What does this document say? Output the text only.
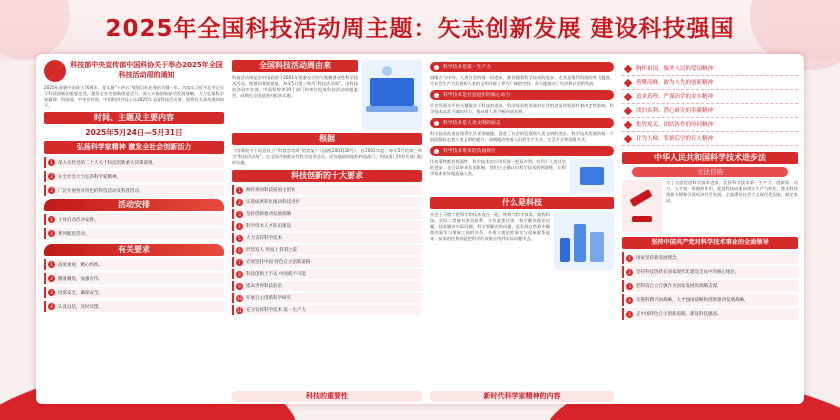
2025年全国科技活动周主题：矢志创新发展 建设科技强国
科技部中央宣传部中国科协关于举办2025年全国科技活动周的通知

2025年是新中国成立76周年，是实施“十四五”规划目标任务的关键一年。为落实习近平总书记关于科技创新的重要论述，激发全社会创新创造活力，深入实施创新驱动发展战略，大力弘扬科学家精神，科技部、中央宣传部、中国科协共同主办2025年全国科技活动周，现将有关事项通知如下。

时间、主题及主要内容
2025年5月24日—5月31日
弘扬科学家精神 激发全社会创新活力
1	深入宣传党的二十大关于科技创新重大决策部署。
2	在全社会大力弘扬科学家精神。
3	广泛开展各具特色的科技活动及科普活动。
活动安排
1	主场启动活动安排。
2	系列配套活动。
有关要求
1	高度重视，精心组织。
2	精准聚焦，加强宣传。
3	同密安全，确保安全。
4	认真总结，及时反馈。
全国科技活动周由来

科技活动周是由中国政府于2001年批准设立的大规模群众性科学技术活动。根据国务院批复，每年5月第三周为“科技活动周”，由科技部会同中宣部、中国科协等19个部门和单位组成科技活动周组委会，同期在全国范围内组织实施。

根据

《国务院关于同意设立“科技活动周”的批复》（国函[2001]30号），自2001年起，每年5月的第三周为“科技活动周”，在全国开展群众性科学技术活动。而各地政府组织科技部门、科技部门和有关部门组织实施。

科技创新的十大要求
1	胸怀祖国科技报国主创业
2	实现成果转化推动科技进步
3	坚持创新驱动发展战略
4	科学技术人才队伍建设
5	大力支持科学技术
6	形势迫人 形而上者谓之道
7	必须坚持中国 特色自主创新道路
8	科技创新上不去 中国就不可能
9	提高世界科技前沿
10 开展自主创新科学研究
11 充分发挥科学技术 第一生产力
科技的重要性
科学技术是第一生产力

放眼古今中外，人类社会的每一项进步，都伴随着科学技术的进步。尤其是现代科技的突飞猛进，为社会生产力发展和人类的文明开辟了更为广阔的空间，有力地推动了经济和社会的发展。

科学技术是社会进步的核心动力

社会发展水平的关键取决于科技的进步，科学技术的发展对社会的进步和发展有着决定性影响。科学技术以其不竭的动力，推动着人类不断向前发展。

科学技术是人类文明的标志

科学技术的进步使得生活更加便捷，促进了社会的发展和人类文明的进步。科学技术发展的每一个阶段都标志着人类文明的提升，深刻地改变着人们的生产方式、生活方式和思维方式。

科学技术带来的负面效应

任何事物都有两面性，科学技术的应用发展一把双刃剑，有利于人类社会的进步，也可以带来负面影响。我们应正确认识科学技术的两面性，让科学技术更好地造福人类。

什么是科技

社会上习惯于把科学和技术连在一起，统称为科学技术，简称科技。实际二者既有密切联系，又有重要区别。科学解决理论问题，技术解决实际问题。科学要解决的问题，是发现自然界中确凿的事实与现象之间的关系，并建立理论把事实与现象联系起来；技术的任务则是把科学的成果应用到实际问题中去。

新时代科学家精神的内容
胸怀祖国、服务人民的爱国精神
勇攀高峰、敢为人先的创新精神
追求真理、严谨治学的求实精神
淡泊名利、潜心研究的奉献精神
集智攻关、团结协作的协同精神
甘为人梯、奖掖后学的育人精神
中华人民共和国科学技术进步法
立法目的

为了全面促进科学技术进步，发挥科学技术第一生产力、创新第一动力、人才第一资源的作用，促进科技成果向现实生产力转化，推动科技创新支撑和引领经济社会发展，全面建设社会主义现代化国家，制定本法。

坚持中国共产党对科学技术事业的全面领导
1	国家坚持新发展理念，
2	坚持科技创新在国家现代化建设全局中的核心地位，
3	把科技自立自强作为国家发展的战略支撑，
4	实施科教兴国战略、人才强国战略和创新驱动发展战略，
5	走中国特色自主创新道路，建设科技强国。
